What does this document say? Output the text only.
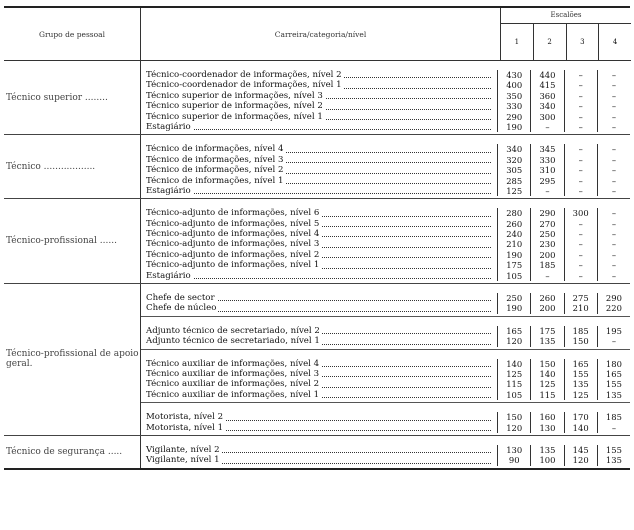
Grupo de pessoal	Carreira/categoria/nível
Escalões
1	2	3	4
Técnico superior ........
Técnico-coordenador de informações, nível 2	430	440	–	–
Técnico-coordenador de informações, nível 1	400	415	–	–
Técnico superior de informações, nível 3	350	360	–	–
Técnico superior de informações, nível 2	330	340	–	–
Técnico superior de informações, nível 1	290	300	–	–
Estagiário	190	–	–	–
Técnico ..................
Técnico de informações, nível 4	340	345	–	–
Técnico de informações, nível 3	320	330	–	–
Técnico de informações, nível 2	305	310	–	–
Técnico de informações, nível 1	285	295	–	–
Estagiário	125	–	–	–
Técnico-profissional ......
Técnico-adjunto de informações, nível 6	280	290	300	–
Técnico-adjunto de informações, nível 5	260	270	–	–
Técnico-adjunto de informações, nível 4	240	250	–	–
Técnico-adjunto de informações, nível 3	210	230	–	–
Técnico-adjunto de informações, nível 2	190	200	–	–
Técnico-adjunto de informações, nível 1	175	185	–	–
Estagiário	105	–	–	–
Técnico-profissional de apoio geral.
Chefe de sector	250	260	275	290
Chefe de núcleo	190	200	210	220
Adjunto técnico de secretariado, nível 2	165	175	185	195
Adjunto técnico de secretariado, nível 1	120	135	150	–
Técnico auxiliar de informações, nível 4	140	150	165	180
Técnico auxiliar de informações, nível 3	125	140	155	165
Técnico auxiliar de informações, nível 2	115	125	135	155
Técnico auxiliar de informações, nível 1	105	115	125	135
Motorista, nível 2	150	160	170	185
Motorista, nível 1	120	130	140	–
Técnico de segurança .....	Vigilante, nível 2	130	135	145	155
Vigilante, nível 1	90	100	120	135
